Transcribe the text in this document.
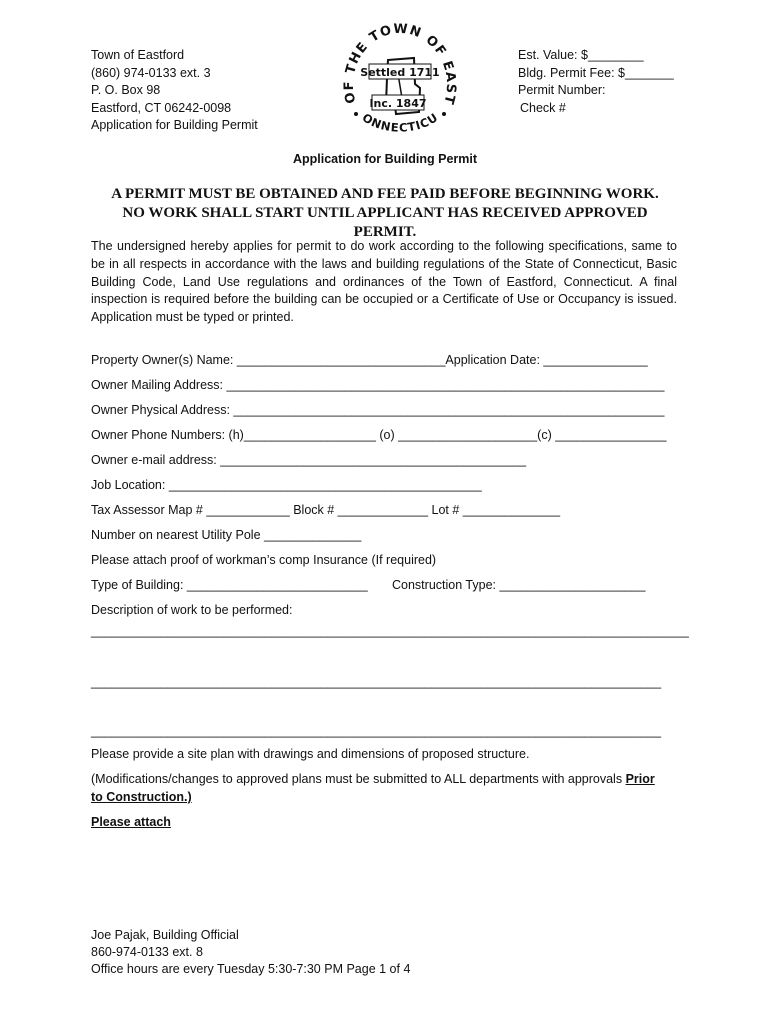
Town of Eastford
(860) 974-0133 ext. 3
P. O. Box 98
Eastford, CT 06242-0098
Application for Building Permit
OF THE TOWN OF EAST
ONNECTICU
Settled 1711
Inc. 1847
Est. Value: $________
Bldg. Permit Fee: $_______
Permit Number:
Check #
Application for Building Permit
A PERMIT MUST BE OBTAINED AND FEE PAID BEFORE BEGINNING WORK. NO WORK SHALL START UNTIL APPLICANT HAS RECEIVED APPROVED PERMIT.
The undersigned hereby applies for permit to do work according to the following specifications, same to be in all respects in accordance with the laws and building regulations of the State of Connecticut, Basic Building Code, Land Use regulations and ordinances of the Town of Eastford, Connecticut. A final inspection is required before the building can be occupied or a Certificate of Use or Occupancy is issued. Application must be typed or printed.
Property Owner(s) Name: ______________________________Application Date: _______________
Owner Mailing Address: _______________________________________________________________
Owner Physical Address: ______________________________________________________________
Owner Phone Numbers: (h)___________________ (o) ____________________(c) ________________
Owner e-mail address: ____________________________________________
Job Location: _____________________________________________
Tax Assessor Map # ____________ Block # _____________ Lot # ______________
Number on nearest Utility Pole ______________
Please attach proof of workman’s comp Insurance (If required)
Type of Building: __________________________ Construction Type: _____________________
Description of work to be performed:
______________________________________________________________________________________
__________________________________________________________________________________
__________________________________________________________________________________
Please provide a site plan with drawings and dimensions of proposed structure.
(Modifications/changes to approved plans must be submitted to ALL departments with approvals Prior
to Construction.)
Please attach
Joe Pajak, Building Official
860-974-0133 ext. 8
Office hours are every Tuesday 5:30-7:30 PM Page 1 of 4
